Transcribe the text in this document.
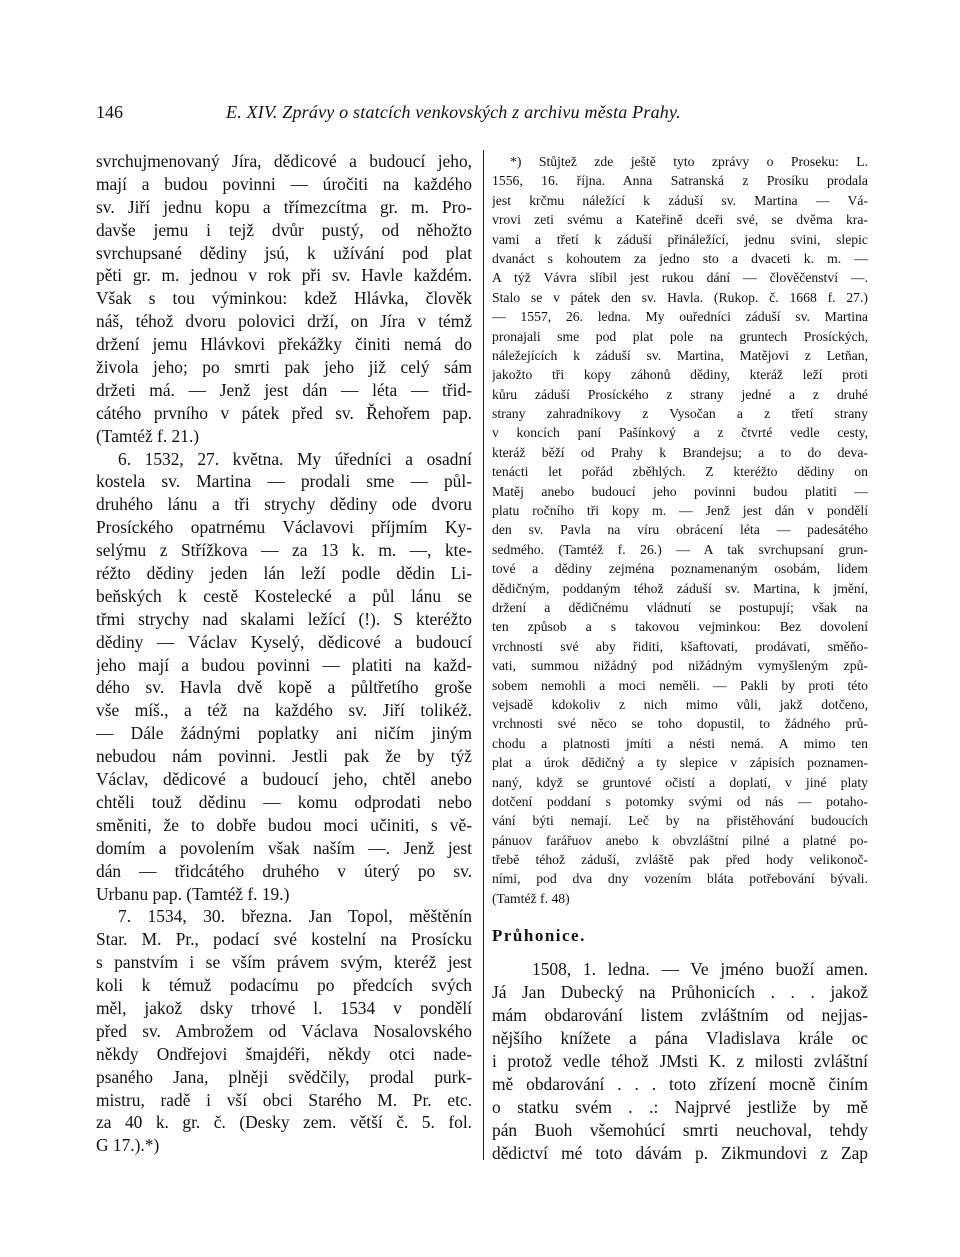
146	E. XIV. Zprávy o statcích venkovských z archivu města Prahy.
svrchujmenovaný Jíra, dědicové a budoucí jeho,
mají a budou povinni — úročiti na každého
sv. Jiří jednu kopu a třímezcítma gr. m. Pro-
davše jemu i tejž dvůr pustý, od něhožto
svrchupsané dědiny jsú, k užívání pod plat
pěti gr. m. jednou v rok při sv. Havle každém.
Však s tou výminkou: kdež Hlávka, člověk
náš, téhož dvoru polovici drží, on Jíra v témž
držení jemu Hlávkovi překážky činiti nemá do
živola jeho; po smrti pak jeho již celý sám
držeti má. — Jenž jest dán — léta — třid-
cátého prvního v pátek před sv. Řehořem pap.
(Tamtéž f. 21.)
6. 1532, 27. května. My úředníci a osadní
kostela sv. Martina — prodali sme — půl-
druhého lánu a tři strychy dědiny ode dvoru
Prosíckého opatrnému Václavovi příjmím Ky-
selýmu z Střížkova — za 13 k. m. —, kte-
réžto dědiny jeden lán leží podle dědin Li-
beňských k cestě Kostelecké a půl lánu se
třmi strychy nad skalami ležící (!). S kteréžto
dědiny — Václav Kyselý, dědicové a budoucí
jeho mají a budou povinni — platiti na každ-
dého sv. Havla dvě kopě a půltřetího groše
vše míš., a též na každého sv. Jiří tolikéž.
— Dále žádnými poplatky ani ničím jiným
nebudou nám povinni. Jestli pak že by týž
Václav, dědicové a budoucí jeho, chtěl anebo
chtěli touž dědinu — komu odprodati nebo
směniti, že to dobře budou moci učiniti, s vě-
domím a povolením však naším —. Jenž jest
dán — třidcátého druhého v úterý po sv.
Urbanu pap. (Tamtéž f. 19.)
7. 1534, 30. března. Jan Topol, měštěnín
Star. M. Pr., podací své kostelní na Prosícku
s panstvím i se vším právem svým, kteréž jest
koli k témuž podacímu po předcích svých
měl, jakož dsky trhové l. 1534 v pondělí
před sv. Ambrožem od Václava Nosalovského
někdy Ondřejovi šmajdéři, někdy otci nade-
psaného Jana, plněji svědčily, prodal purk-
mistru, radě i vší obci Starého M. Pr. etc.
za 40 k. gr. č. (Desky zem. větší č. 5. fol.
G 17.).*)
*) Stůjtež zde ještě tyto zprávy o Proseku: L.
1556, 16. října. Anna Satranská z Prosíku prodala
jest krčmu náležící k záduší sv. Martina — Vá-
vrovi zeti svému a Kateřině dceři své, se dvěma kra-
vami a třetí k záduší přináležící, jednu svini, slepic
dvanáct s kohoutem za jedno sto a dvaceti k. m. —
A týž Vávra slíbil jest rukou dání — člověčenství —.
Stalo se v pátek den sv. Havla. (Rukop. č. 1668 f. 27.)
— 1557, 26. ledna. My ouředníci záduší sv. Martina
pronajali sme pod plat pole na gruntech Prosíckých,
náležejících k záduší sv. Martina, Matějovi z Letňan,
jakožto tři kopy záhonů dědiny, kteráž leží proti
kůru záduší Prosíckého z strany jedné a z druhé
strany zahradníkovy z Vysočan a z třetí strany
v koncích paní Pašínkový a z čtvrté vedle cesty,
kteráž běží od Prahy k Brandejsu; a to do deva-
tenácti let pořád zběhlých. Z kteréžto dědiny on
Matěj anebo budoucí jeho povinni budou platiti —
platu ročního tři kopy m. — Jenž jest dán v pondělí
den sv. Pavla na víru obrácení léta — padesátého
sedmého. (Tamtéž f. 26.) — A tak svrchupsaní grun-
tové a dědiny zejména poznamenaným osobám, lidem
dědičným, poddaným téhož záduší sv. Martina, k jmění,
držení a dědičnému vládnutí se postupují; však na
ten způsob a s takovou vejminkou: Bez dovolení
vrchnosti své aby řiditi, kšaftovati, prodávati, směňo-
vati, summou nižádný pod nižádným vymyšleným způ-
sobem nemohli a moci neměli. — Pakli by proti této
vejsadě kdokoliv z nich mimo vůli, jakž dotčeno,
vrchnosti své něco se toho dopustil, to žádného prů-
chodu a platnosti jmíti a nésti nemá. A mimo ten
plat a úrok dědičný a ty slepice v zápisích poznamen-
naný, když se gruntové očistí a doplatí, v jiné platy
dotčení poddaní s potomky svými od nás — potaho-
vání býti nemají. Leč by na přistěhování budoucích
pánuov farářuov anebo k obvzláštní pilné a platné po-
třebě téhož záduší, zvláště pak před hody velikonoč-
ními, pod dva dny vozením bláta potřebování bývali.
(Tamtéž f. 48)
Průhonice.
1508, 1. ledna. — Ve jméno buoží amen.
Já Jan Dubecký na Průhonicích . . . jakož
mám obdarování listem zvláštním od nejjas-
nějšího knížete a pána Vladislava krále oc
i protož vedle téhož JMsti K. z milosti zvláštní
mě obdarování . . . toto zřízení mocně činím
o statku svém . .: Najprvé jestliže by mě
pán Buoh všemohúcí smrti neuchoval, tehdy
dědictví mé toto dávám p. Zikmundovi z Zap
